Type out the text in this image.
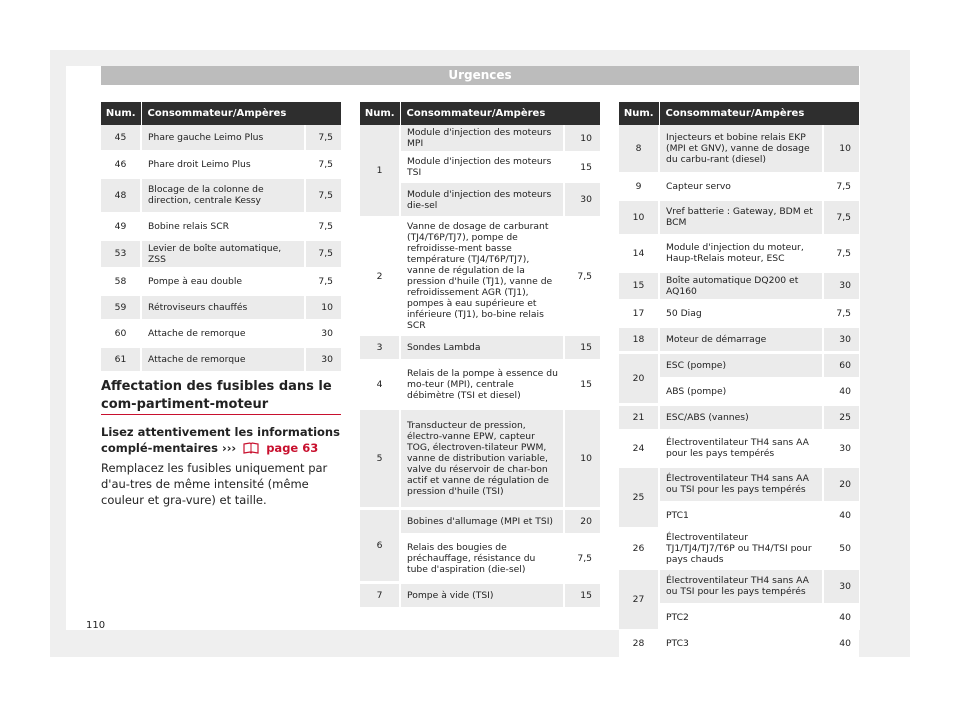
Urgences
Num.	Consommateur/Ampères	
45	Phare gauche Leimo Plus	7,5
46	Phare droit Leimo Plus	7,5
48	Blocage de la colonne de direction, centrale Kessy	7,5
49	Bobine relais SCR	7,5
53	Levier de boîte automatique, ZSS	7,5
58	Pompe à eau double	7,5
59	Rétroviseurs chauffés	10
60	Attache de remorque	30
61	Attache de remorque	30
Num.	Consommateur/Ampères	
1	Module d'injection des moteurs MPI	10
	Module d'injection des moteurs TSI	15
	Module d'injection des moteurs die-sel	30
2	Vanne de dosage de carburant (TJ4/T6P/TJ7), pompe de refroidisse-ment basse température (TJ4/T6P/TJ7), vanne de régulation de la pression d'huile (TJ1), vanne de refroidissement AGR (TJ1), pompes à eau supérieure et inférieure (TJ1), bo-bine relais SCR	7,5
3	Sondes Lambda	15
4	Relais de la pompe à essence du mo-teur (MPI), centrale débimètre (TSI et diesel)	15
5	Transducteur de pression, électro-vanne EPW, capteur TOG, électroven-tilateur PWM, vanne de distribution variable, valve du réservoir de char-bon actif et vanne de régulation de pression d'huile (TSI)	10
6	Bobines d'allumage (MPI et TSI)	20
	Relais des bougies de préchauffage, résistance du tube d'aspiration (die-sel)	7,5
7	Pompe à vide (TSI)	15
Num.	Consommateur/Ampères	
8	Injecteurs et bobine relais EKP (MPI et GNV), vanne de dosage du carbu-rant (diesel)	10
9	Capteur servo	7,5
10	Vref batterie : Gateway, BDM et BCM	7,5
14	Module d'injection du moteur, Haup-tRelais moteur, ESC	7,5
15	Boîte automatique DQ200 et AQ160	30
17	50 Diag	7,5
18	Moteur de démarrage	30
20	ESC (pompe)	60
	ABS (pompe)	40
21	ESC/ABS (vannes)	25
24	Électroventilateur TH4 sans AA pour les pays tempérés	30
25	Électroventilateur TH4 sans AA ou TSI pour les pays tempérés	20
	PTC1	40
26	Électroventilateur TJ1/TJ4/TJ7/T6P ou TH4/TSI pour pays chauds	50
27	Électroventilateur TH4 sans AA ou TSI pour les pays tempérés	30
	PTC2	40
28	PTC3	40
Affectation des fusibles dans le com-partiment-moteur
Lisez attentivement les informations complé-mentaires ›››	page 63
Remplacez les fusibles uniquement par d'au-tres de même intensité (même couleur et gra-vure) et taille.
110
